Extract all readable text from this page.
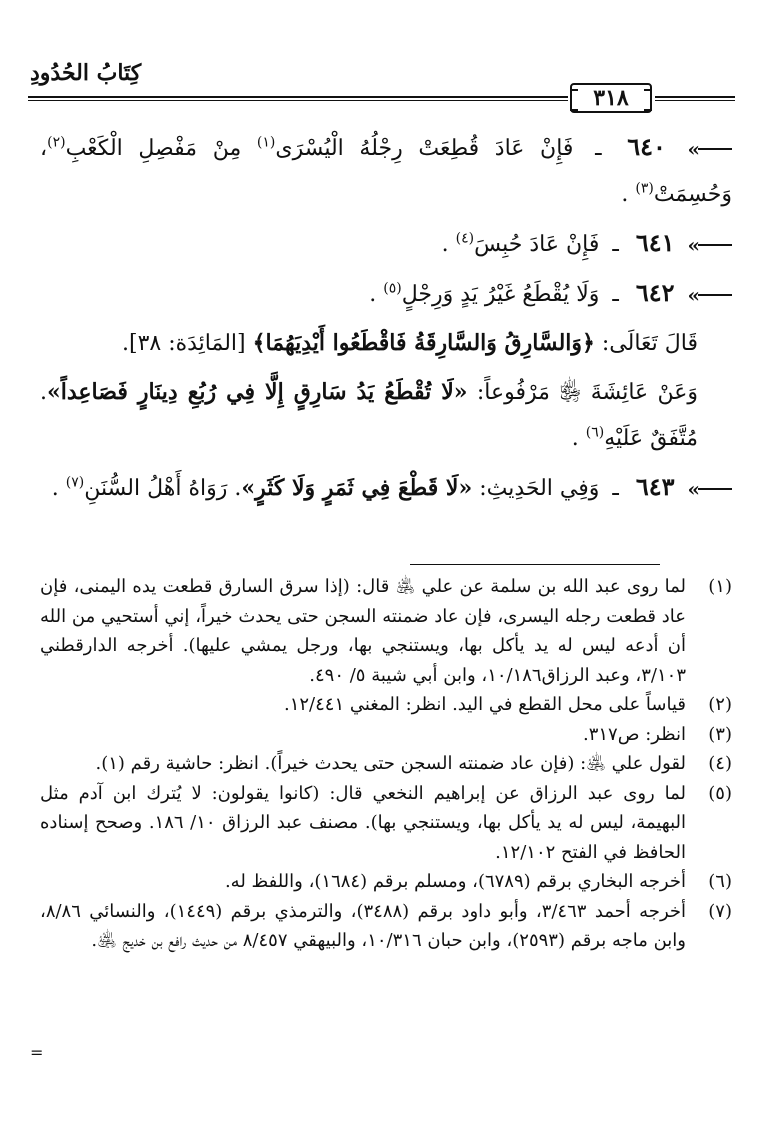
كِتَابُ الحُدُودِ
٣١٨

«
٦٤٠ ـ فَإِنْ عَادَ قُطِعَتْ رِجْلُهُ الْيُسْرَى$^{(١)}$ مِنْ مَفْصِلِ الْكَعْبِ$^{(٢)}$، وَحُسِمَتْ$^{(٣)}$ .

«
٦٤١ ـ فَإِنْ عَادَ حُبِسَ$^{(٤)}$ .

«
٦٤٢ ـ وَلَا يُقْطَعُ غَيْرُ يَدٍ وَرِجْلٍ$^{(٥)}$ .

قَالَ تَعَالَى: ﴿وَالسَّارِقُ وَالسَّارِقَةُ فَاقْطَعُوا أَيْدِيَهُمَا﴾ [المَائِدَة: ٣٨].

وَعَنْ عَائِشَةَ ﵂ مَرْفُوعاً: «لَا تُقْطَعُ يَدُ سَارِقٍ إِلَّا فِي رُبُعِ دِينَارٍ فَصَاعِداً». مُتَّفَقٌ عَلَيْهِ$^{(٦)}$ .

«
٦٤٣ ـ وَفِي الحَدِيثِ: «لَا قَطْعَ فِي ثَمَرٍ وَلَا كَثَرٍ». رَوَاهُ أَهْلُ السُّنَنِ$^{(٧)}$ .

(١)
لما روى عبد الله بن سلمة عن علي ﵁ قال: (إذا سرق السارق قطعت يده اليمنى، فإن عاد قطعت رجله اليسرى، فإن عاد ضمنته السجن حتى يحدث خيراً، إني أستحيي من الله أن أدعه ليس له يد يأكل بها، ويستنجي بها، ورجل يمشي عليها). أخرجه الدارقطني ٣/١٠٣، وعبد الرزاق١٠/١٨٦، وابن أبي شيبة ٥/ ٤٩٠.
(٢)
قياساً على محل القطع في اليد. انظر: المغني ١٢/٤٤١.
(٣)
انظر: ص٣١٧.
(٤)
لقول علي ﵁: (فإن عاد ضمنته السجن حتى يحدث خيراً). انظر: حاشية رقم (١).
(٥)
لما روى عبد الرزاق عن إبراهيم النخعي قال: (كانوا يقولون: لا يُترك ابن آدم مثل البهيمة، ليس له يد يأكل بها، ويستنجي بها). مصنف عبد الرزاق ١٠/ ١٨٦. وصحح إسناده الحافظ في الفتح ١٢/١٠٢.
(٦)
أخرجه البخاري برقم (٦٧٨٩)، ومسلم برقم (١٦٨٤)، واللفظ له.
(٧)
أخرجه أحمد ٣/٤٦٣، وأبو داود برقم (٣٤٨٨)، والترمذي برقم (١٤٤٩)، والنسائي ٨/٨٦، وابن ماجه برقم (٢٥٩٣)، وابن حبان ١٠/٣١٦، والبيهقي ٨/٤٥٧ من حديث رافع بن خديج ﵁.
=
